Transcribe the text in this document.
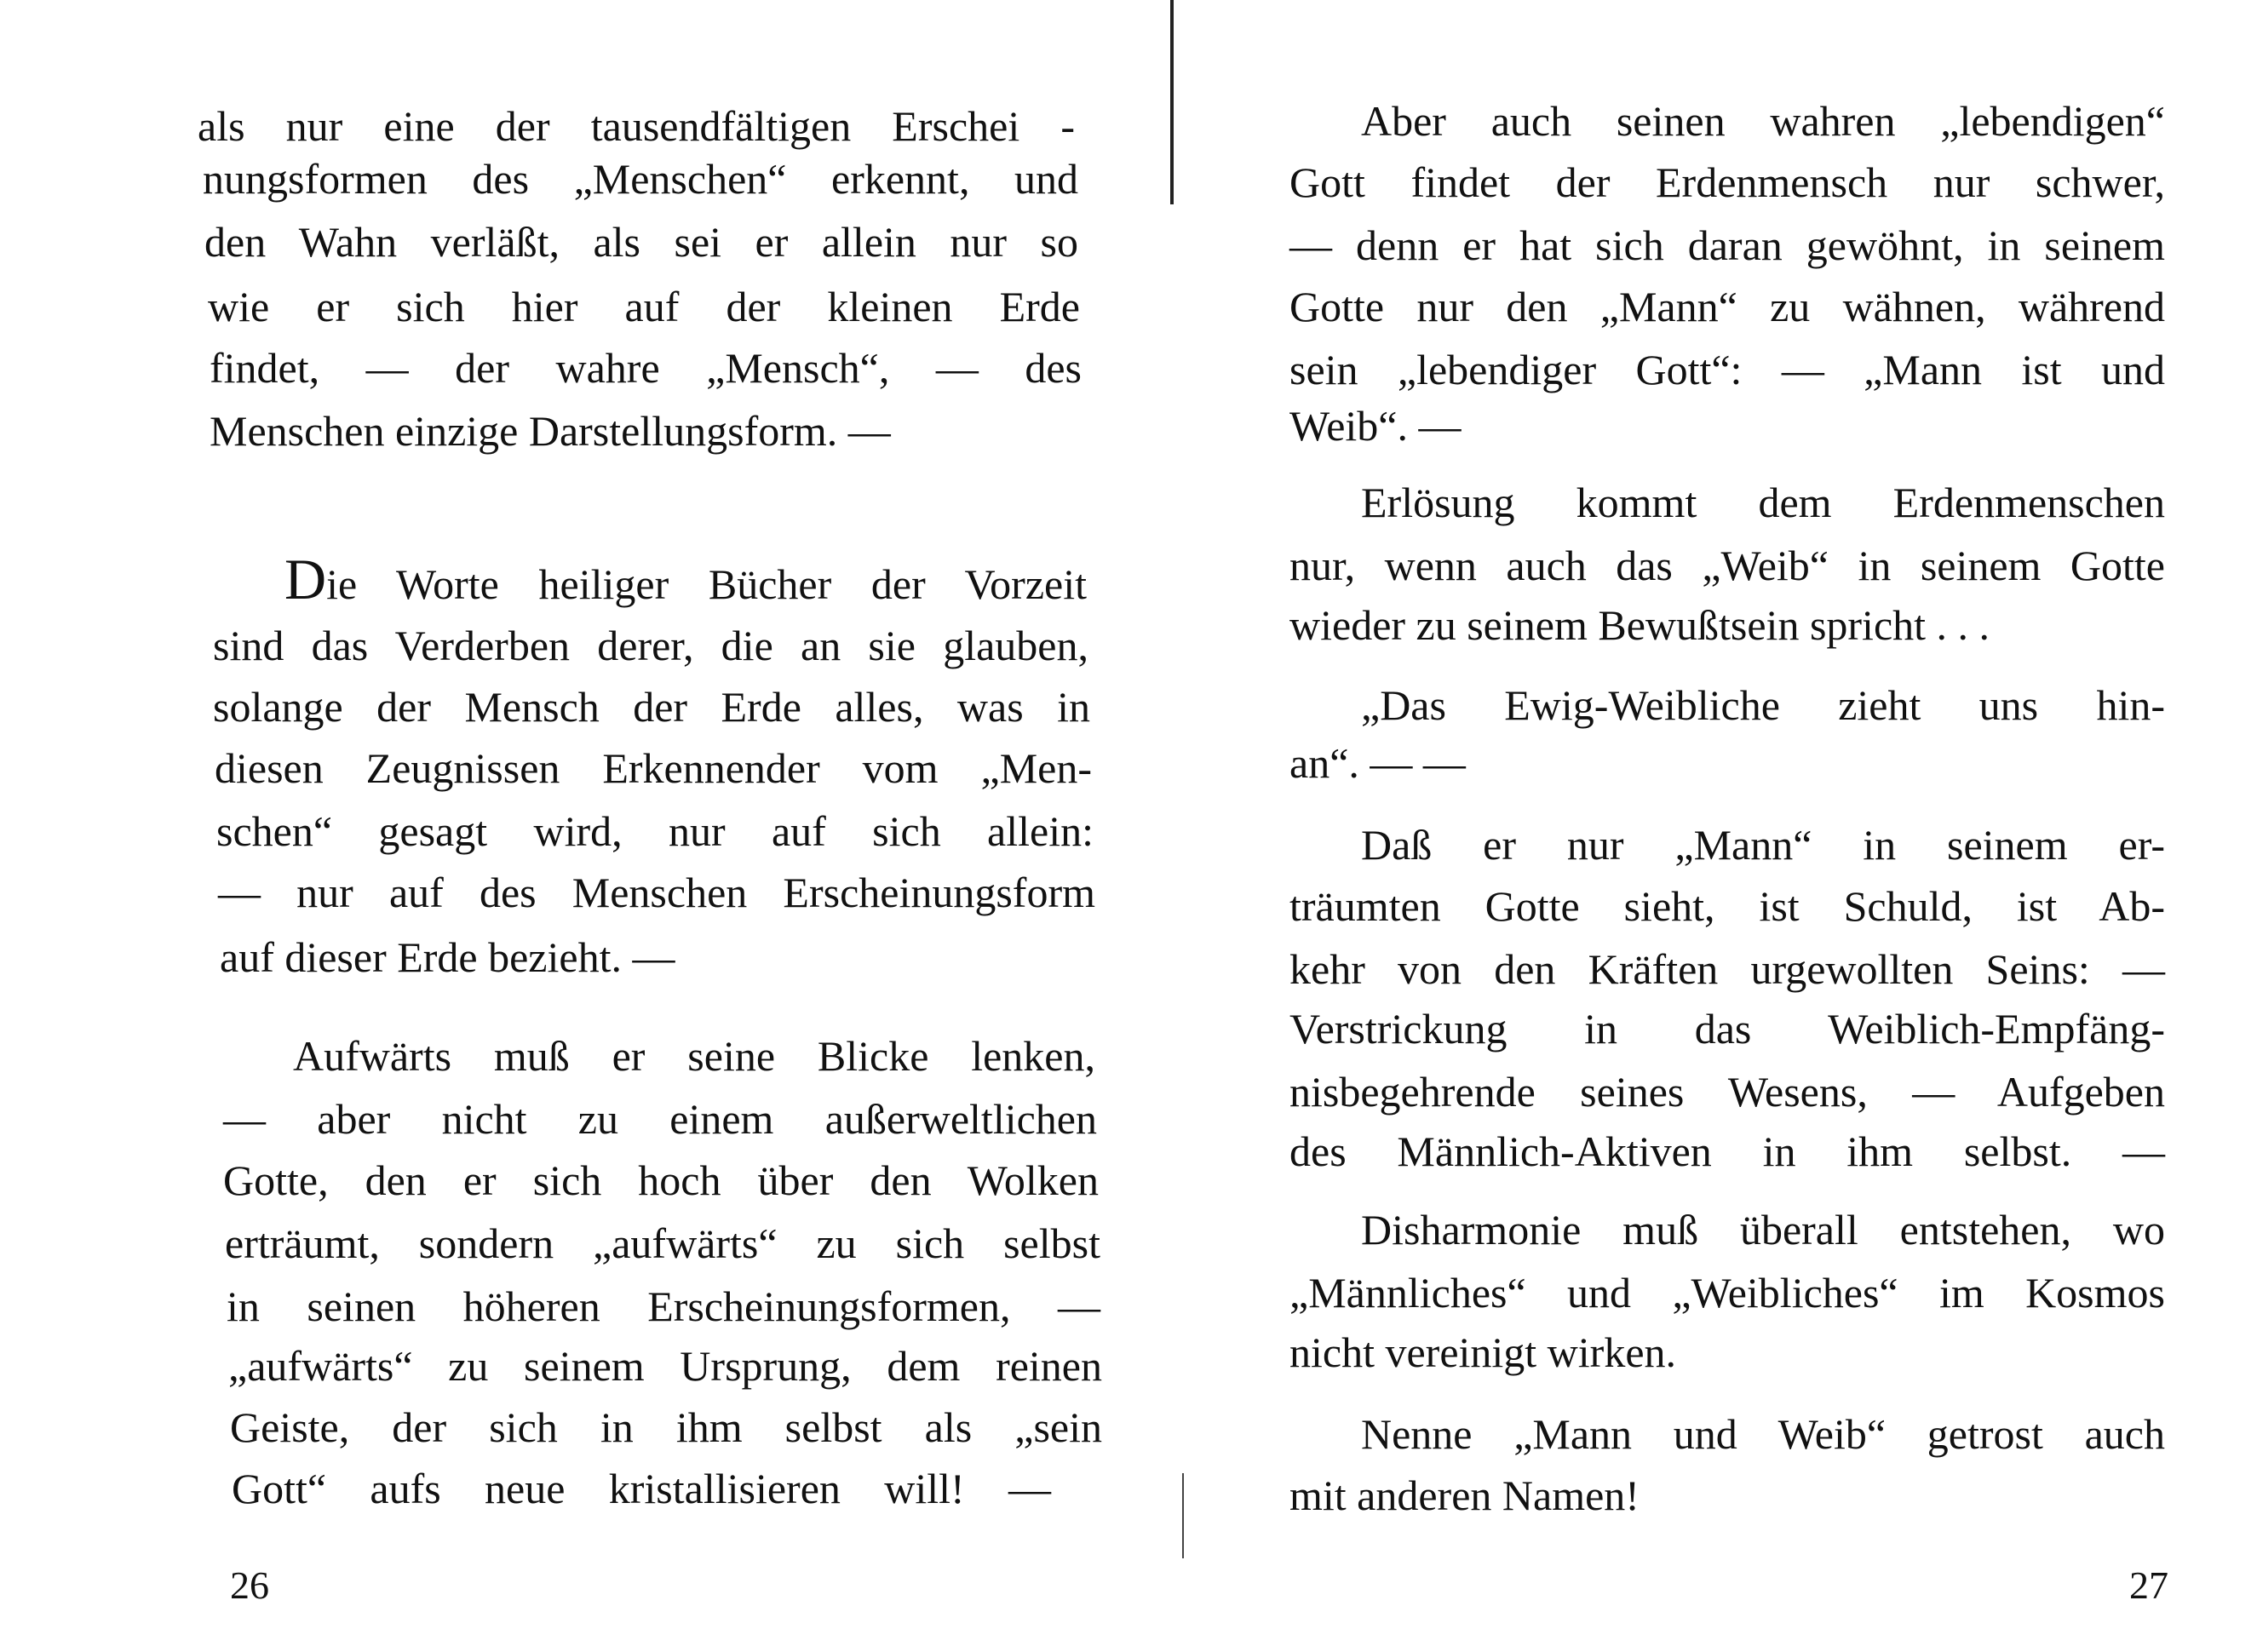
als nur eine der tausendfältigen Erschei -
nungsformen des „Menschen“ erkennt, und
den Wahn verläßt, als sei er allein nur so
wie er sich hier auf der kleinen Erde
findet, — der wahre „Mensch“, — des
Menschen einzige Darstellungsform. —
Die Worte heiliger Bücher der Vorzeit
sind das Verderben derer, die an sie glauben,
solange der Mensch der Erde alles, was in
diesen Zeugnissen Erkennender vom „Men-
schen“ gesagt wird, nur auf sich allein:
— nur auf des Menschen Erscheinungsform
auf dieser Erde bezieht. —
Aufwärts muß er seine Blicke lenken,
— aber nicht zu einem außerweltlichen
Gotte, den er sich hoch über den Wolken
erträumt, sondern „aufwärts“ zu sich selbst
in seinen höheren Erscheinungsformen, —
„aufwärts“ zu seinem Ursprung, dem reinen
Geiste, der sich in ihm selbst als „sein
Gott“ aufs neue kristallisieren will! —
26
Aber auch seinen wahren „lebendigen“
Gott findet der Erdenmensch nur schwer,
— denn er hat sich daran gewöhnt, in seinem
Gotte nur den „Mann“ zu wähnen, während
sein „lebendiger Gott“: — „Mann ist und
Weib“. —
Erlösung kommt dem Erdenmenschen
nur, wenn auch das „Weib“ in seinem Gotte
wieder zu seinem Bewußtsein spricht . . .
„Das Ewig-Weibliche zieht uns hin-
an“. — —
Daß er nur „Mann“ in seinem er-
träumten Gotte sieht, ist Schuld, ist Ab-
kehr von den Kräften urgewollten Seins: —
Verstrickung in das Weiblich-Empfäng-
nisbegehrende seines Wesens, — Aufgeben
des Männlich-Aktiven in ihm selbst. —
Disharmonie muß überall entstehen, wo
„Männliches“ und „Weibliches“ im Kosmos
nicht vereinigt wirken.
Nenne „Mann und Weib“ getrost auch
mit anderen Namen!
27
